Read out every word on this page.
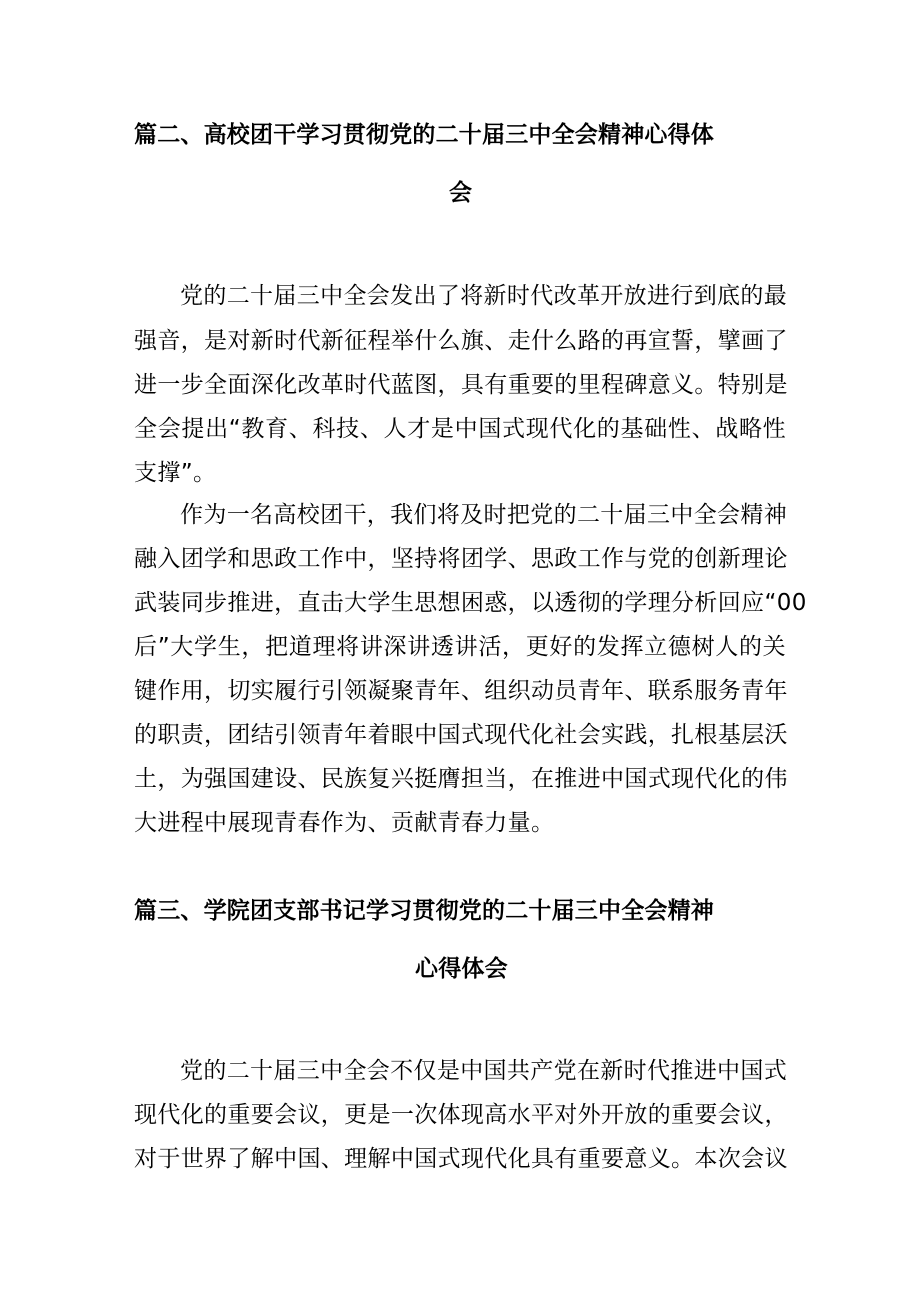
篇二、高校团干学习贯彻党的二十届三中全会精神心得体
会
党的二十届三中全会发出了将新时代改革开放进行到底的最
强音，是对新时代新征程举什么旗、走什么路的再宣誓，擘画了
进一步全面深化改革时代蓝图，具有重要的里程碑意义。特别是
全会提出“教育、科技、人才是中国式现代化的基础性、战略性
支撑”。
作为一名高校团干，我们将及时把党的二十届三中全会精神
融入团学和思政工作中，坚持将团学、思政工作与党的创新理论
武装同步推进，直击大学生思想困惑，以透彻的学理分析回应“00
后”大学生，把道理将讲深讲透讲活，更好的发挥立德树人的关
键作用，切实履行引领凝聚青年、组织动员青年、联系服务青年
的职责，团结引领青年着眼中国式现代化社会实践，扎根基层沃
土，为强国建设、民族复兴挺膺担当，在推进中国式现代化的伟
大进程中展现青春作为、贡献青春力量。
篇三、学院团支部书记学习贯彻党的二十届三中全会精神
心得体会
党的二十届三中全会不仅是中国共产党在新时代推进中国式
现代化的重要会议，更是一次体现高水平对外开放的重要会议，
对于世界了解中国、理解中国式现代化具有重要意义。本次会议
